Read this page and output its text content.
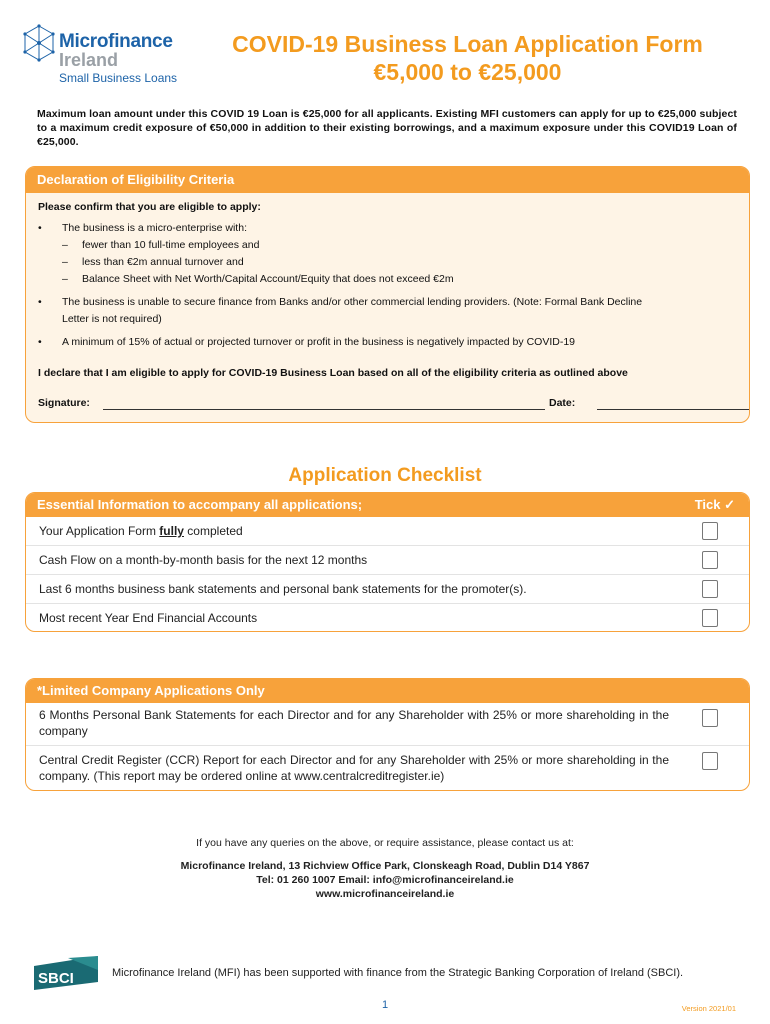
Microfinance
Ireland
Small Business Loans
COVID-19 Business Loan Application Form
€5,000 to €25,000
Maximum loan amount under this COVID 19 Loan is €25,000 for all applicants. Existing MFI customers can apply for up to €25,000 subject to a maximum credit exposure of €50,000 in addition to their existing borrowings, and a maximum exposure under this COVID19 Loan of €25,000.
Declaration of Eligibility Criteria
Please confirm that you are eligible to apply:
• The business is a micro-enterprise with:
– fewer than 10 full-time employees and
– less than €2m annual turnover and
– Balance Sheet with Net Worth/Capital Account/Equity that does not exceed €2m
• The business is unable to secure finance from Banks and/or other commercial lending providers. (Note: Formal Bank Decline
Letter is not required)
• A minimum of 15% of actual or projected turnover or profit in the business is negatively impacted by COVID-19
I declare that I am eligible to apply for COVID-19 Business Loan based on all of the eligibility criteria as outlined above
Signature:	Date:
Application Checklist
Essential Information to accompany all applications;	Tick ✓
Your Application Form fully completed
Cash Flow on a month-by-month basis for the next 12 months
Last 6 months business bank statements and personal bank statements for the promoter(s).
Most recent Year End Financial Accounts
*Limited Company Applications Only
6 Months Personal Bank Statements for each Director and for any Shareholder with 25% or more shareholding in the company
Central Credit Register (CCR) Report for each Director and for any Shareholder with 25% or more shareholding in the company. (This report may be ordered online at www.centralcreditregister.ie)
If you have any queries on the above, or require assistance, please contact us at:
Microfinance Ireland, 13 Richview Office Park, Clonskeagh Road, Dublin D14 Y867
Tel: 01 260 1007 Email: info@microfinanceireland.ie
www.microfinanceireland.ie
SBCI	Microfinance Ireland (MFI) has been supported with finance from the Strategic Banking Corporation of Ireland (SBCI).
1	Version 2021/01
